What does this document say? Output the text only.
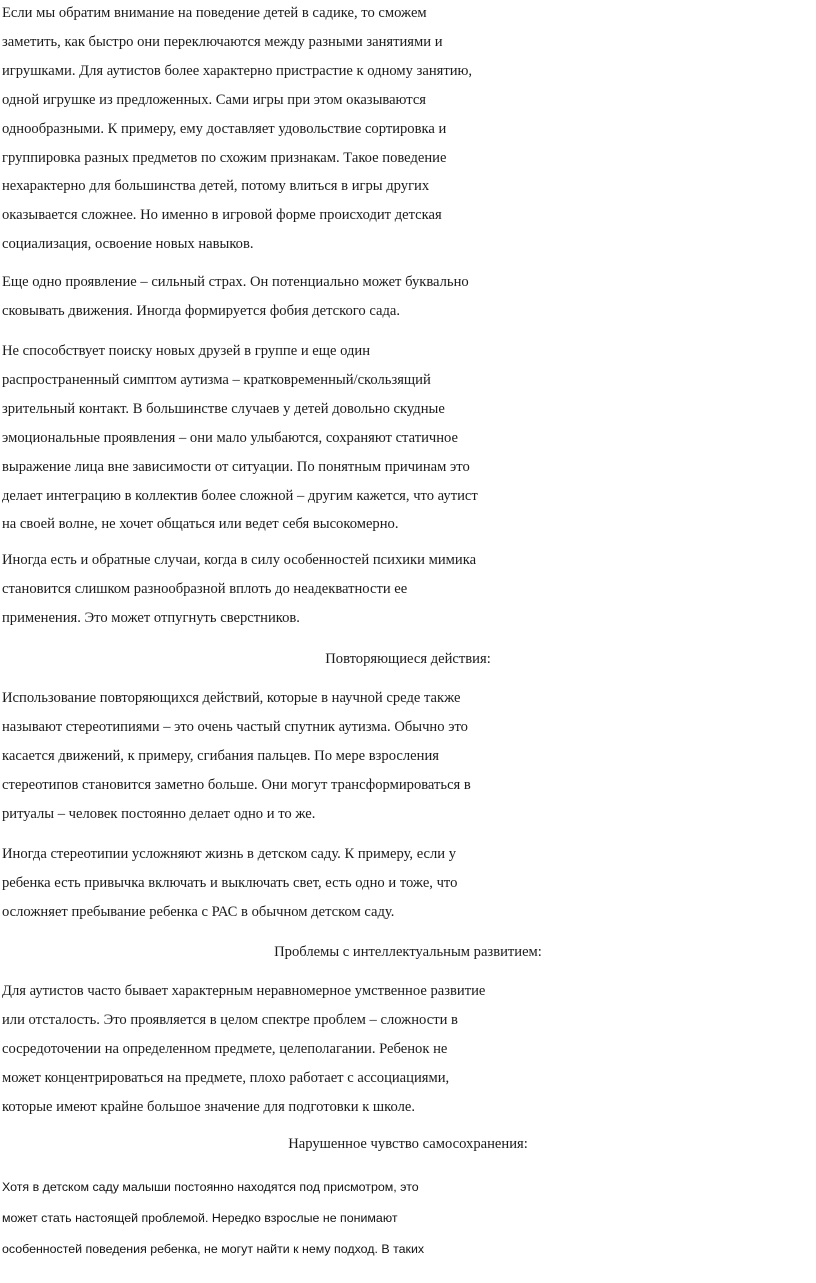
Если мы обратим внимание на поведение детей в садике, то сможем
заметить, как быстро они переключаются между разными занятиями и
игрушками. Для аутистов более характерно пристрастие к одному занятию,
одной игрушке из предложенных. Сами игры при этом оказываются
однообразными. К примеру, ему доставляет удовольствие сортировка и
группировка разных предметов по схожим признакам. Такое поведение
нехарактерно для большинства детей, потому влиться в игры других
оказывается сложнее. Но именно в игровой форме происходит детская
социализация, освоение новых навыков.
Еще одно проявление – сильный страх. Он потенциально может буквально
сковывать движения. Иногда формируется фобия детского сада.
Не способствует поиску новых друзей в группе и еще один
распространенный симптом аутизма – кратковременный/скользящий
зрительный контакт. В большинстве случаев у детей довольно скудные
эмоциональные проявления – они мало улыбаются, сохраняют статичное
выражение лица вне зависимости от ситуации. По понятным причинам это
делает интеграцию в коллектив более сложной – другим кажется, что аутист
на своей волне, не хочет общаться или ведет себя высокомерно.
Иногда есть и обратные случаи, когда в силу особенностей психики мимика
становится слишком разнообразной вплоть до неадекватности ее
применения. Это может отпугнуть сверстников.
Повторяющиеся действия:
Использование повторяющихся действий, которые в научной среде также
называют стереотипиями – это очень частый спутник аутизма. Обычно это
касается движений, к примеру, сгибания пальцев. По мере взросления
стереотипов становится заметно больше. Они могут трансформироваться в
ритуалы – человек постоянно делает одно и то же.
Иногда стереотипии усложняют жизнь в детском саду. К примеру, если у
ребенка есть привычка включать и выключать свет, есть одно и тоже, что
осложняет пребывание ребенка с РАС в обычном детском саду.
Проблемы с интеллектуальным развитием:
Для аутистов часто бывает характерным неравномерное умственное развитие
или отсталость. Это проявляется в целом спектре проблем – сложности в
сосредоточении на определенном предмете, целеполагании. Ребенок не
может концентрироваться на предмете, плохо работает с ассоциациями,
которые имеют крайне большое значение для подготовки к школе.
Нарушенное чувство самосохранения:
Хотя в детском саду малыши постоянно находятся под присмотром, это
может стать настоящей проблемой. Нередко взрослые не понимают
особенностей поведения ребенка, не могут найти к нему подход. В таких
